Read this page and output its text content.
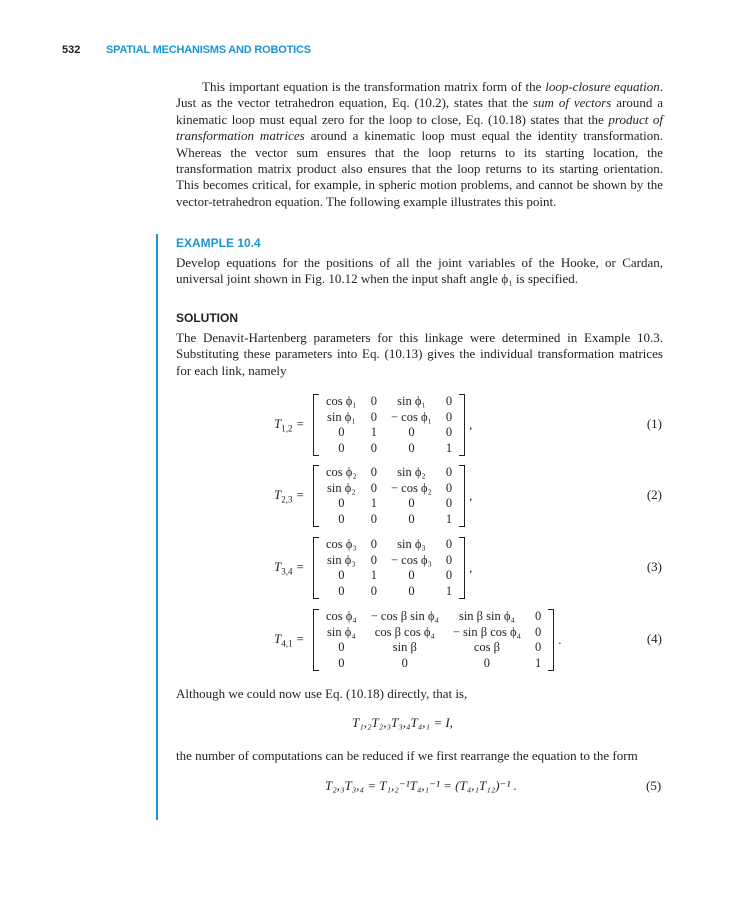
532 SPATIAL MECHANISMS AND ROBOTICS

This important equation is the transformation matrix form of the loop-closure equation. Just as the vector tetrahedron equation, Eq. (10.2), states that the sum of vectors around a kinematic loop must equal zero for the loop to close, Eq. (10.18) states that the product of transformation matrices around a kinematic loop must equal the identity transformation. Whereas the vector sum ensures that the loop returns to its starting location, the transformation matrix product also ensures that the loop returns to its starting orientation. This becomes critical, for example, in spheric motion problems, and cannot be shown by the vector-tetrahedron equation. The following example illustrates this point.

EXAMPLE 10.4

Develop equations for the positions of all the joint variables of the Hooke, or Cardan, universal joint shown in Fig. 10.12 when the input shaft angle ϕ₁ is specified.

SOLUTION

The Denavit-Hartenberg parameters for this linkage were determined in Example 10.3. Substituting these parameters into Eq. (10.13) gives the individual transformation matrices for each link, namely

$T_{1,2}$ =
cos ϕ₁	0	sin ϕ₁	0
sin ϕ₁	0	− cos ϕ₁	0
0	1	0	0
0	0	0	1
,	(1)
$T_{2,3}$ =
cos ϕ₂	0	sin ϕ₂	0
sin ϕ₂	0	− cos ϕ₂	0
0	1	0	0
0	0	0	1
,	(2)
$T_{3,4}$ =
cos ϕ₃	0	sin ϕ₃	0
sin ϕ₃	0	− cos ϕ₃	0
0	1	0	0
0	0	0	1
,	(3)
$T_{4,1}$ =
cos ϕ₄	− cos β sin ϕ₄	sin β sin ϕ₄	0
sin ϕ₄	cos β cos ϕ₄	− sin β cos ϕ₄	0
0	sin β	cos β	0
0	0	0	1
.	(4)

Although we could now use Eq. (10.18) directly, that is,

T₁,₂T₂,₃T₃,₄T₄,₁ = I,

the number of computations can be reduced if we first rearrange the equation to the form

T₂,₃T₃,₄ = T₁,₂⁻¹T₄,₁⁻¹ = (T₄,₁T₁₂)⁻¹ .	(5)
